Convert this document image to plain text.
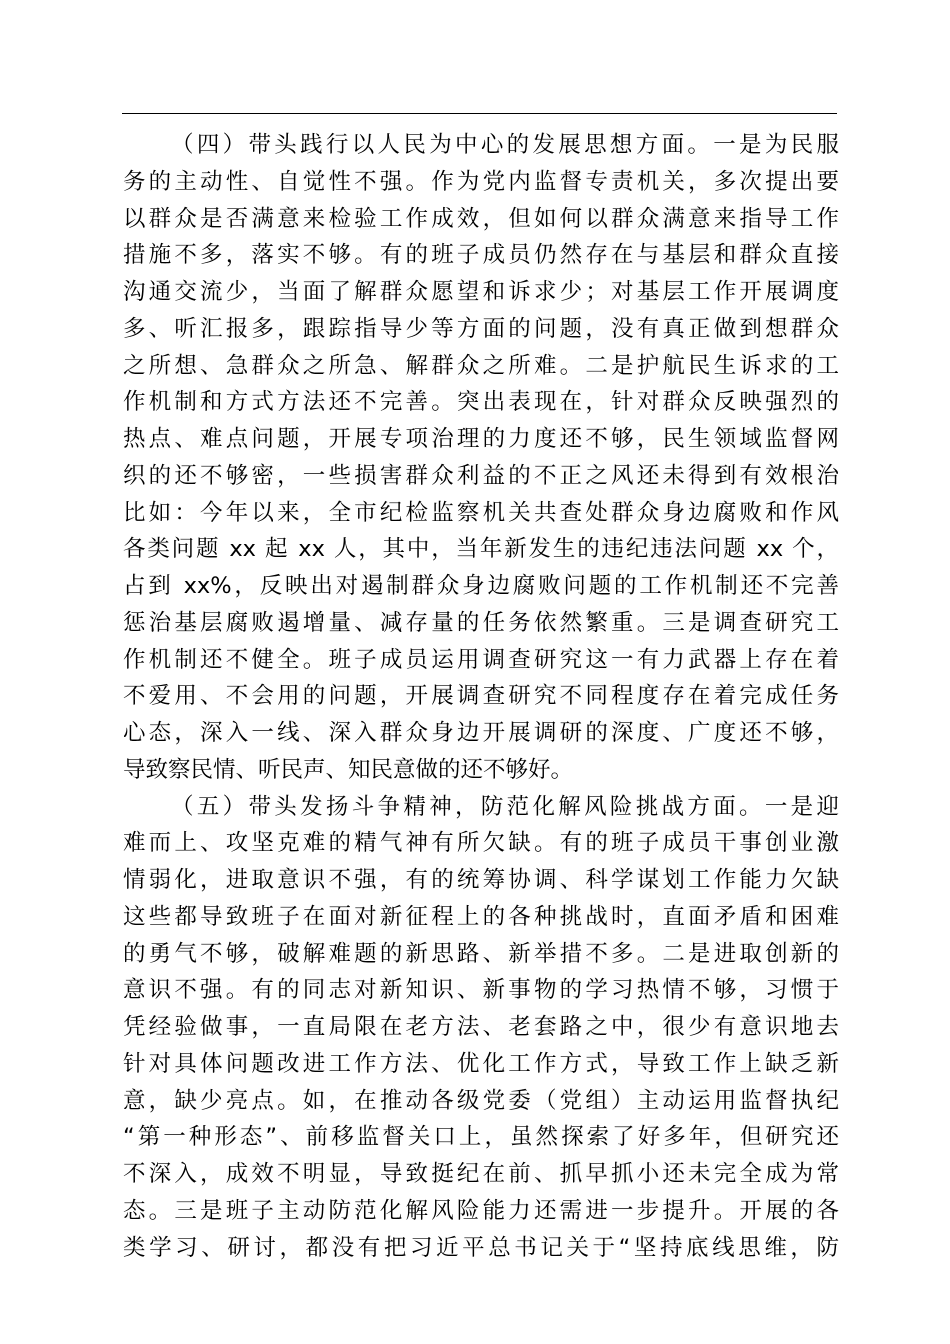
（四）带头践行以人民为中心的发展思想方面。一是为民服
务的主动性、自觉性不强。作为党内监督专责机关，多次提出要
以群众是否满意来检验工作成效，但如何以群众满意来指导工作
措施不多，落实不够。有的班子成员仍然存在与基层和群众直接
沟通交流少，当面了解群众愿望和诉求少；对基层工作开展调度
多、听汇报多，跟踪指导少等方面的问题，没有真正做到想群众
之所想、急群众之所急、解群众之所难。二是护航民生诉求的工
作机制和方式方法还不完善。突出表现在，针对群众反映强烈的
热点、难点问题，开展专项治理的力度还不够，民生领域监督网
织的还不够密，一些损害群众利益的不正之风还未得到有效根治
比如：今年以来，全市纪检监察机关共查处群众身边腐败和作风
各类问题 xx 起 xx 人，其中，当年新发生的违纪违法问题 xx 个，
占到 xx%，反映出对遏制群众身边腐败问题的工作机制还不完善
惩治基层腐败遏增量、减存量的任务依然繁重。三是调查研究工
作机制还不健全。班子成员运用调查研究这一有力武器上存在着
不爱用、不会用的问题，开展调查研究不同程度存在着完成任务
心态，深入一线、深入群众身边开展调研的深度、广度还不够，
导致察民情、听民声、知民意做的还不够好。
（五）带头发扬斗争精神，防范化解风险挑战方面。一是迎
难而上、攻坚克难的精气神有所欠缺。有的班子成员干事创业激
情弱化，进取意识不强，有的统筹协调、科学谋划工作能力欠缺
这些都导致班子在面对新征程上的各种挑战时，直面矛盾和困难
的勇气不够，破解难题的新思路、新举措不多。二是进取创新的
意识不强。有的同志对新知识、新事物的学习热情不够，习惯于
凭经验做事，一直局限在老方法、老套路之中，很少有意识地去
针对具体问题改进工作方法、优化工作方式，导致工作上缺乏新
意，缺少亮点。如，在推动各级党委（党组）主动运用监督执纪
“第一种形态”、前移监督关口上，虽然探索了好多年，但研究还
不深入，成效不明显，导致挺纪在前、抓早抓小还未完全成为常
态。三是班子主动防范化解风险能力还需进一步提升。开展的各
类学习、研讨，都没有把习近平总书记关于“坚持底线思维，防
